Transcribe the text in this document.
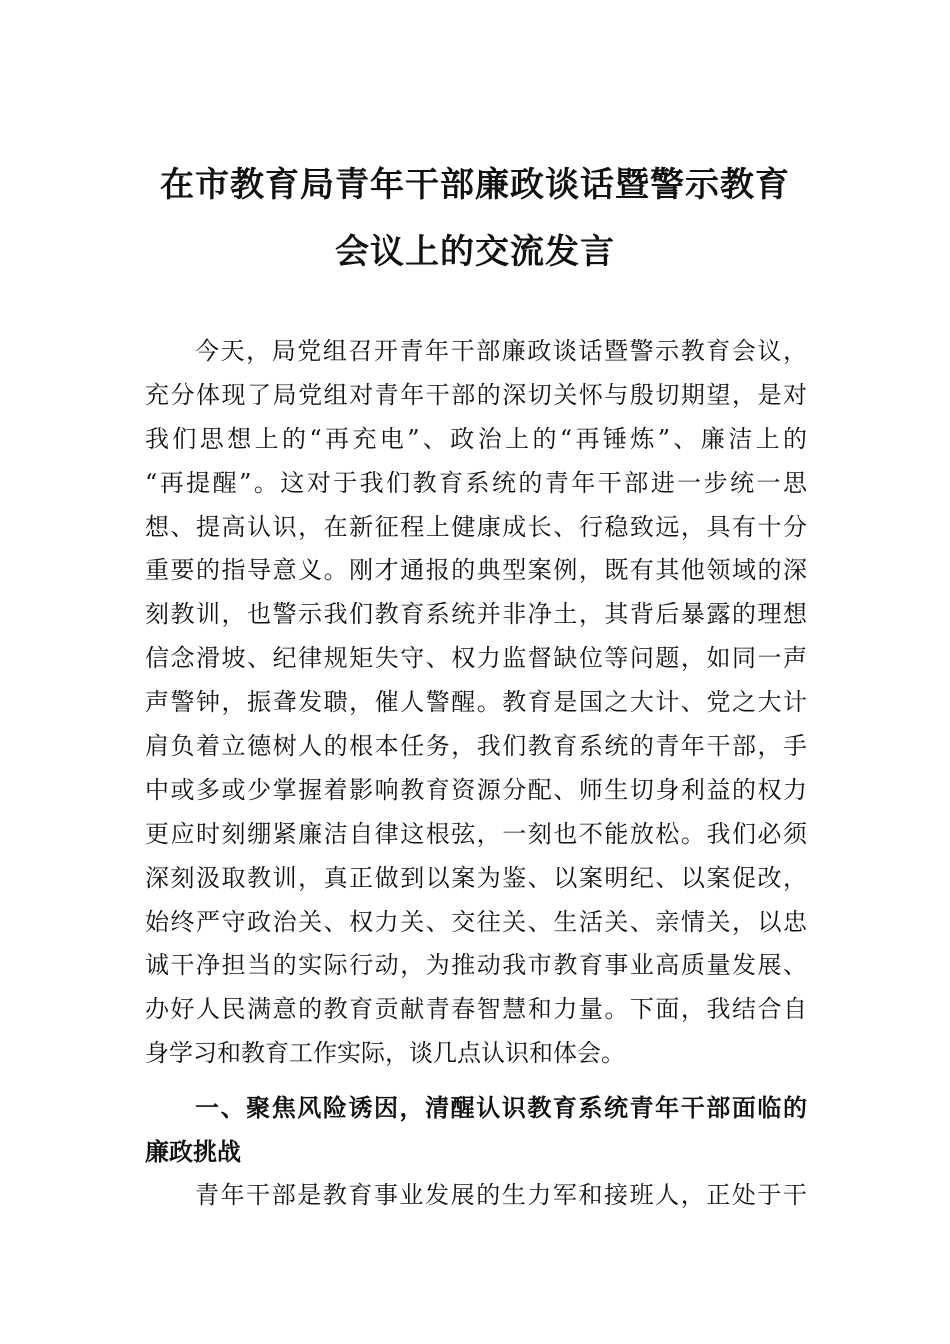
在市教育局青年干部廉政谈话暨警示教育
会议上的交流发言
今天，局党组召开青年干部廉政谈话暨警示教育会议，
充分体现了局党组对青年干部的深切关怀与殷切期望，是对
我们思想上的“再充电”、政治上的“再锤炼”、廉洁上的
“再提醒”。这对于我们教育系统的青年干部进一步统一思
想、提高认识，在新征程上健康成长、行稳致远，具有十分
重要的指导意义。刚才通报的典型案例，既有其他领域的深
刻教训，也警示我们教育系统并非净土，其背后暴露的理想
信念滑坡、纪律规矩失守、权力监督缺位等问题，如同一声
声警钟，振聋发聩，催人警醒。教育是国之大计、党之大计
肩负着立德树人的根本任务，我们教育系统的青年干部，手
中或多或少掌握着影响教育资源分配、师生切身利益的权力
更应时刻绷紧廉洁自律这根弦，一刻也不能放松。我们必须
深刻汲取教训，真正做到以案为鉴、以案明纪、以案促改，
始终严守政治关、权力关、交往关、生活关、亲情关，以忠
诚干净担当的实际行动，为推动我市教育事业高质量发展、
办好人民满意的教育贡献青春智慧和力量。下面，我结合自
身学习和教育工作实际，谈几点认识和体会。
一、聚焦风险诱因，清醒认识教育系统青年干部面临的
廉政挑战
青年干部是教育事业发展的生力军和接班人，正处于干
